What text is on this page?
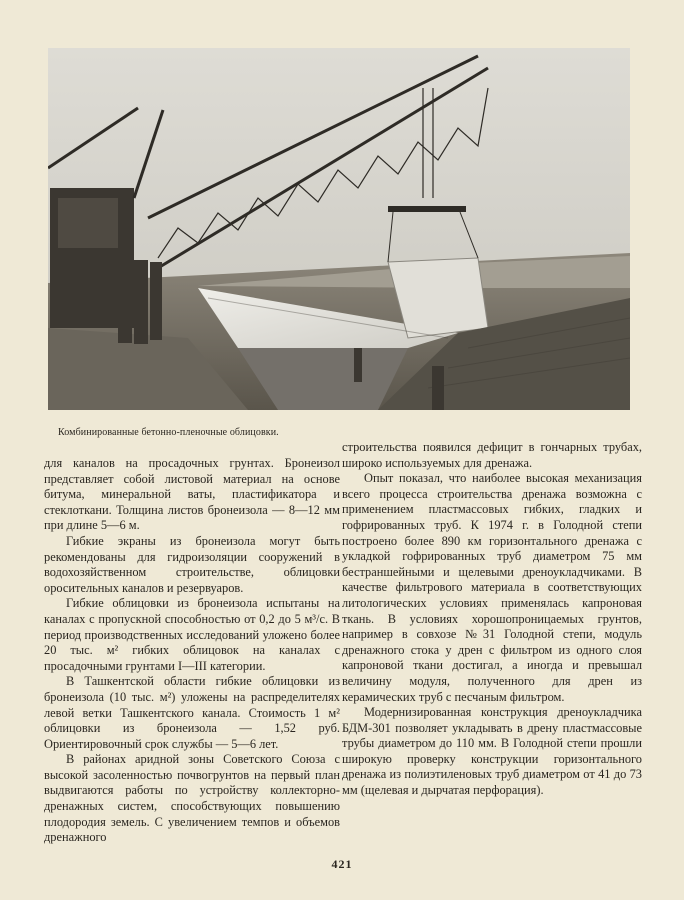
Комбинированные бетонно-пленочные облицовки.

для каналов на просадочных грунтах. Бронеизол представляет собой листовой материал на основе битума, минеральной ваты, пластификатора и стеклоткани. Толщина листов бронеизола — 8—12 мм при длине 5—6 м.

Гибкие экраны из бронеизола могут быть рекомендованы для гидроизоляции сооружений в водохозяйственном строительстве, облицовки оросительных каналов и резервуаров.

Гибкие облицовки из бронеизола испытаны на каналах с пропускной способностью от 0,2 до 5 м³/с. В период производственных исследований уложено более 20 тыс. м² гибких облицовок на каналах с просадочными грунтами I—III категории.

В Ташкентской области гибкие облицовки из бронеизола (10 тыс. м²) уложены на распределителях левой ветки Ташкентского канала. Стоимость 1 м² облицовки из бронеизола — 1,52 руб. Ориентировочный срок службы — 5—6 лет.

В районах аридной зоны Советского Союза с высокой засоленностью почвогрунтов на первый план выдвигаются работы по устройству коллекторно-дренажных систем, способствующих повышению плодородия земель. С увеличением темпов и объемов дренажного

строительства появился дефицит в гончарных трубах, широко используемых для дренажа.

Опыт показал, что наиболее высокая механизация всего процесса строительства дренажа возможна с применением пластмассовых гибких, гладких и гофрированных труб. К 1974 г. в Голодной степи построено более 890 км горизонтального дренажа с укладкой гофрированных труб диаметром 75 мм бестраншейными и щелевыми дреноукладчиками. В качестве фильтрового материала в соответствующих литологических условиях применялась капроновая ткань. В условиях хорошопроницаемых грунтов, например в совхозе №31 Голодной степи, модуль дренажного стока у дрен с фильтром из одного слоя капроновой ткани достигал, а иногда и превышал величину модуля, полученного для дрен из керамических труб с песчаным фильтром.

Модернизированная конструкция дреноукладчика БДМ-301 позволяет укладывать в дрену пластмассовые трубы диаметром до 110 мм. В Голодной степи прошли широкую проверку конструкции горизонтального дренажа из полиэтиленовых труб диаметром от 41 до 73 мм (щелевая и дырчатая перфорация).

421
